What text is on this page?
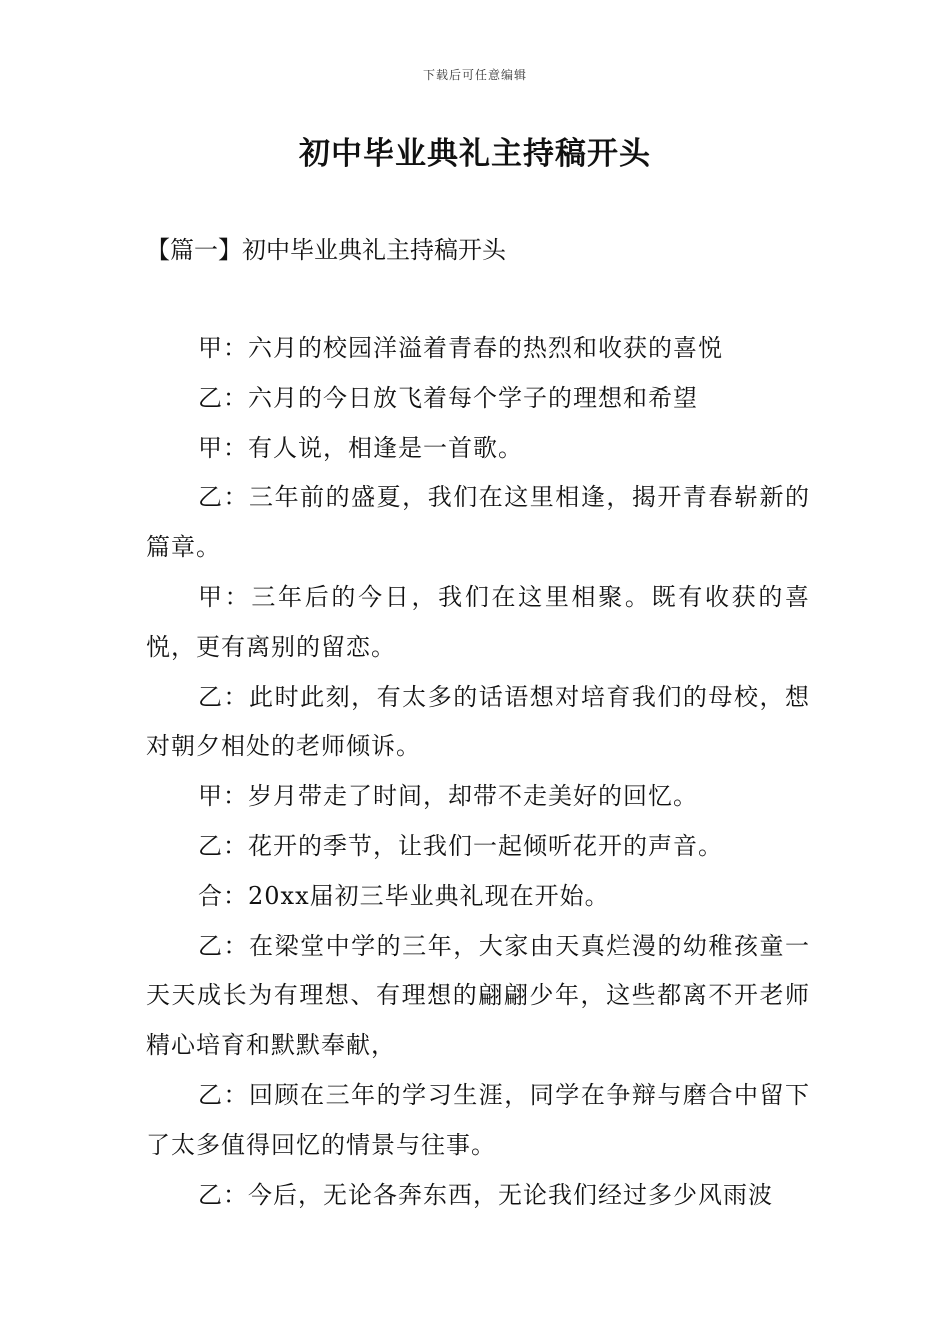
下载后可任意编辑
初中毕业典礼主持稿开头
【篇一】初中毕业典礼主持稿开头

甲：六月的校园洋溢着青春的热烈和收获的喜悦

乙：六月的今日放飞着每个学子的理想和希望

甲：有人说，相逢是一首歌。

乙：三年前的盛夏，我们在这里相逢，揭开青春崭新的篇章。

甲：三年后的今日，我们在这里相聚。既有收获的喜悦，更有离别的留恋。

乙：此时此刻，有太多的话语想对培育我们的母校，想对朝夕相处的老师倾诉。

甲：岁月带走了时间，却带不走美好的回忆。

乙：花开的季节，让我们一起倾听花开的声音。

合：20xx届初三毕业典礼现在开始。

乙：在梁堂中学的三年，大家由天真烂漫的幼稚孩童一天天成长为有理想、有理想的翩翩少年，这些都离不开老师精心培育和默默奉献，

乙：回顾在三年的学习生涯，同学在争辩与磨合中留下了太多值得回忆的情景与往事。

乙：今后，无论各奔东西，无论我们经过多少风雨波
